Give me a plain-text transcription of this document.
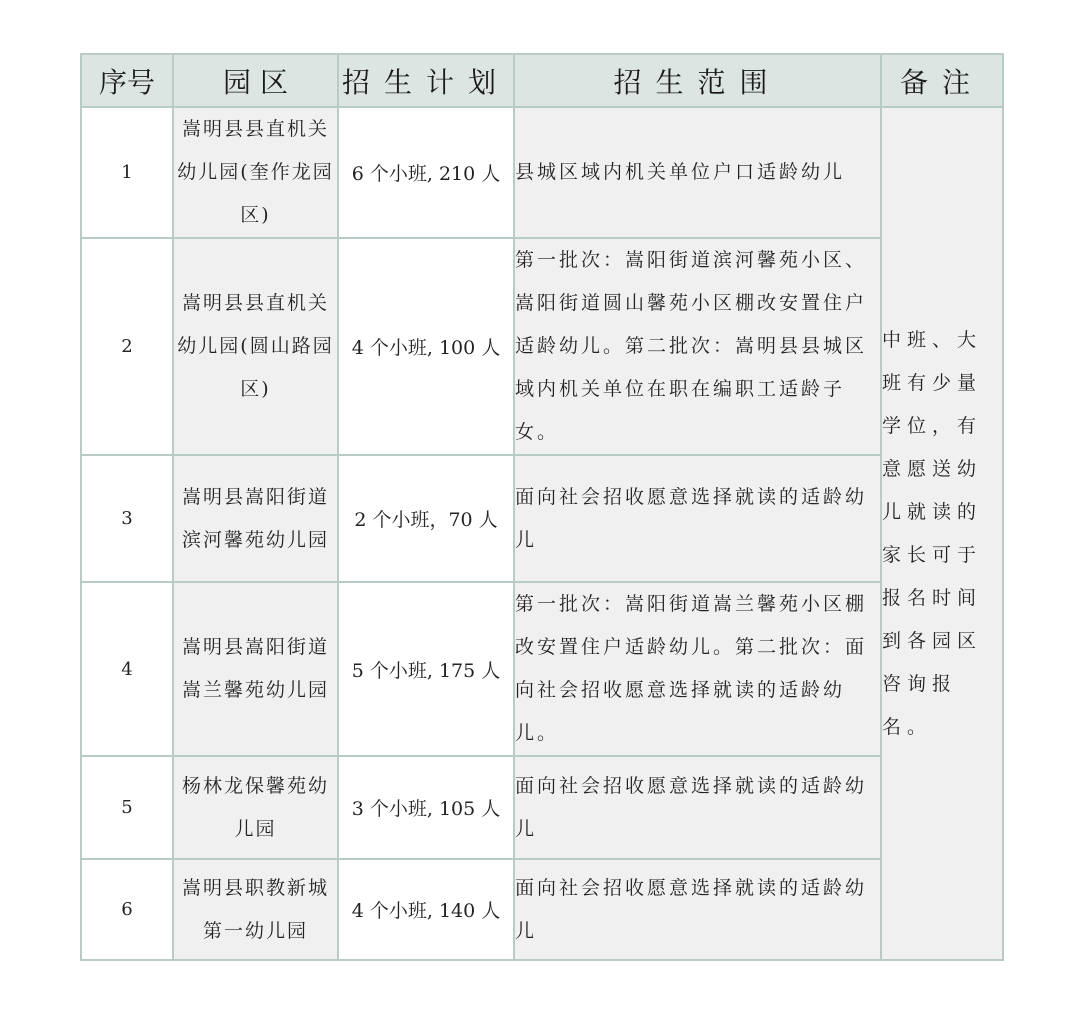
序号	园 区	招生计划	招生范围	备注
1	嵩明县县直机关幼儿园(奎作龙园区)	6 个小班, 210 人	县城区域内机关单位户口适龄幼儿	中班、大班有少量学位，有意愿送幼儿就读的家长可于报名时间到各园区咨询报名。
2	嵩明县县直机关幼儿园(圆山路园区)	4 个小班, 100 人	第一批次：嵩阳街道滨河馨苑小区、嵩阳街道圆山馨苑小区棚改安置住户适龄幼儿。第二批次：嵩明县县城区域内机关单位在职在编职工适龄子女。	
3	嵩明县嵩阳街道滨河馨苑幼儿园	2 个小班，70 人	面向社会招收愿意选择就读的适龄幼儿	
4	嵩明县嵩阳街道嵩兰馨苑幼儿园	5 个小班, 175 人	第一批次：嵩阳街道嵩兰馨苑小区棚改安置住户适龄幼儿。第二批次：面向社会招收愿意选择就读的适龄幼儿。	
5	杨林龙保馨苑幼儿园	3 个小班, 105 人	面向社会招收愿意选择就读的适龄幼儿	
6	嵩明县职教新城第一幼儿园	4 个小班, 140 人	面向社会招收愿意选择就读的适龄幼儿	
